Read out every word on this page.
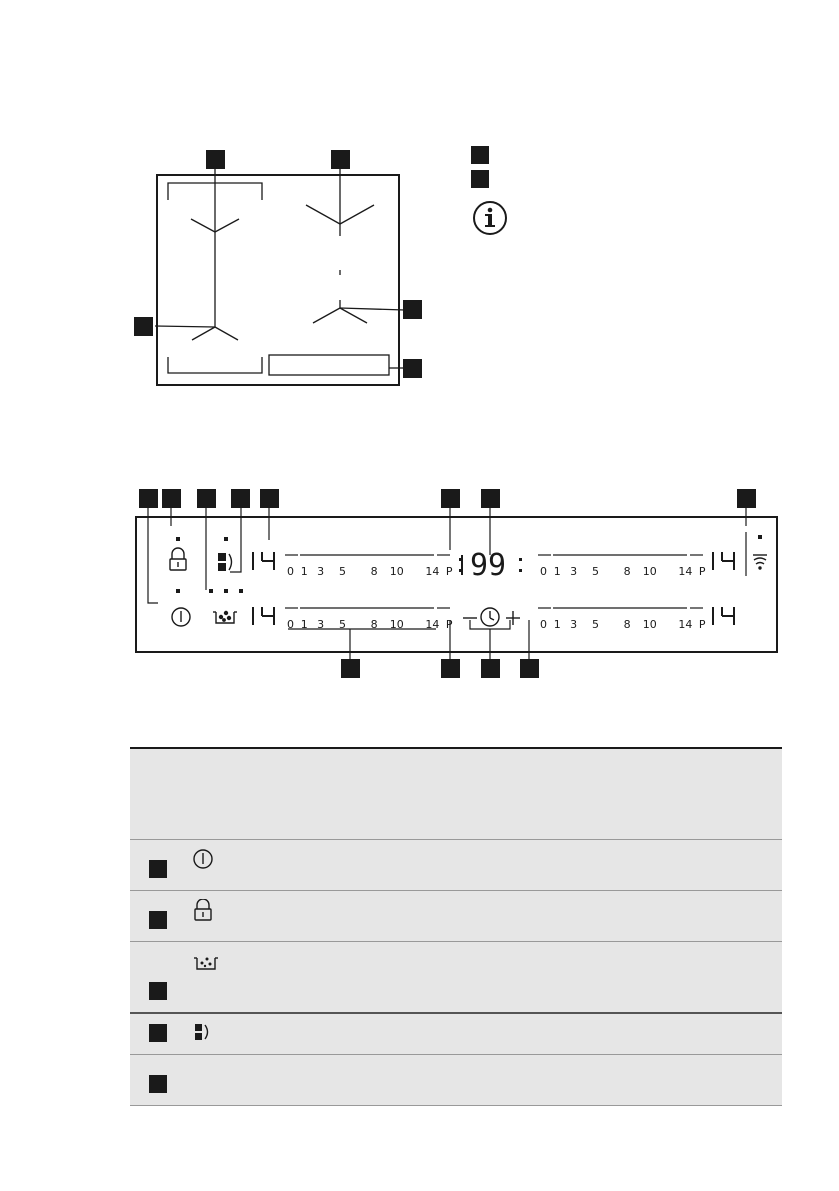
99
0 1 3 5 8 10 14 P	0 1 3 5 8 10 14 P
0 1 3 5 8 10 14 P	0 1 3 5 8 10 14 P
